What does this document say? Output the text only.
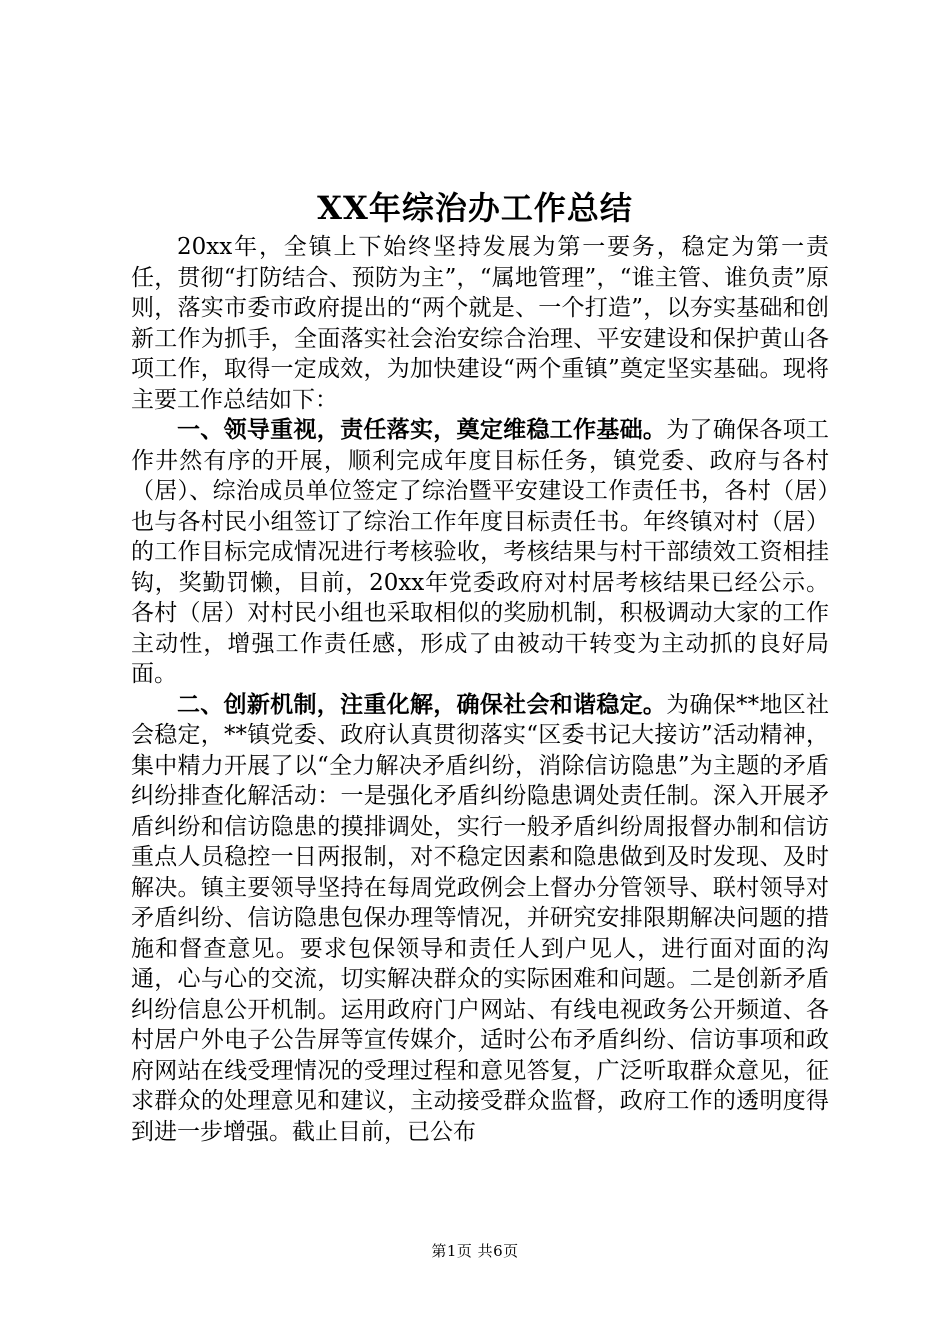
XX年综治办工作总结

20xx年，全镇上下始终坚持发展为第一要务，稳定为第一责任，贯彻“打防结合、预防为主”，“属地管理”，“谁主管、谁负责”原则，落实市委市政府提出的“两个就是、一个打造”，以夯实基础和创新工作为抓手，全面落实社会治安综合治理、平安建设和保护黄山各项工作，取得一定成效，为加快建设“两个重镇”奠定坚实基础。现将主要工作总结如下：

一、领导重视，责任落实，奠定维稳工作基础。为了确保各项工作井然有序的开展，顺利完成年度目标任务，镇党委、政府与各村（居）、综治成员单位签定了综治暨平安建设工作责任书，各村（居）也与各村民小组签订了综治工作年度目标责任书。年终镇对村（居）的工作目标完成情况进行考核验收，考核结果与村干部绩效工资相挂钩，奖勤罚懒，目前，20xx年党委政府对村居考核结果已经公示。各村（居）对村民小组也采取相似的奖励机制，积极调动大家的工作主动性，增强工作责任感，形成了由被动干转变为主动抓的良好局面。

二、创新机制，注重化解，确保社会和谐稳定。为确保**地区社会稳定，**镇党委、政府认真贯彻落实“区委书记大接访”活动精神，集中精力开展了以“全力解决矛盾纠纷，消除信访隐患”为主题的矛盾纠纷排查化解活动：一是强化矛盾纠纷隐患调处责任制。深入开展矛盾纠纷和信访隐患的摸排调处，实行一般矛盾纠纷周报督办制和信访重点人员稳控一日两报制，对不稳定因素和隐患做到及时发现、及时解决。镇主要领导坚持在每周党政例会上督办分管领导、联村领导对矛盾纠纷、信访隐患包保办理等情况，并研究安排限期解决问题的措施和督查意见。要求包保领导和责任人到户见人，进行面对面的沟通，心与心的交流，切实解决群众的实际困难和问题。二是创新矛盾纠纷信息公开机制。运用政府门户网站、有线电视政务公开频道、各村居户外电子公告屏等宣传媒介，适时公布矛盾纠纷、信访事项和政府网站在线受理情况的受理过程和意见答复，广泛听取群众意见，征求群众的处理意见和建议，主动接受群众监督，政府工作的透明度得到进一步增强。截止目前，已公布

第1页 共6页
